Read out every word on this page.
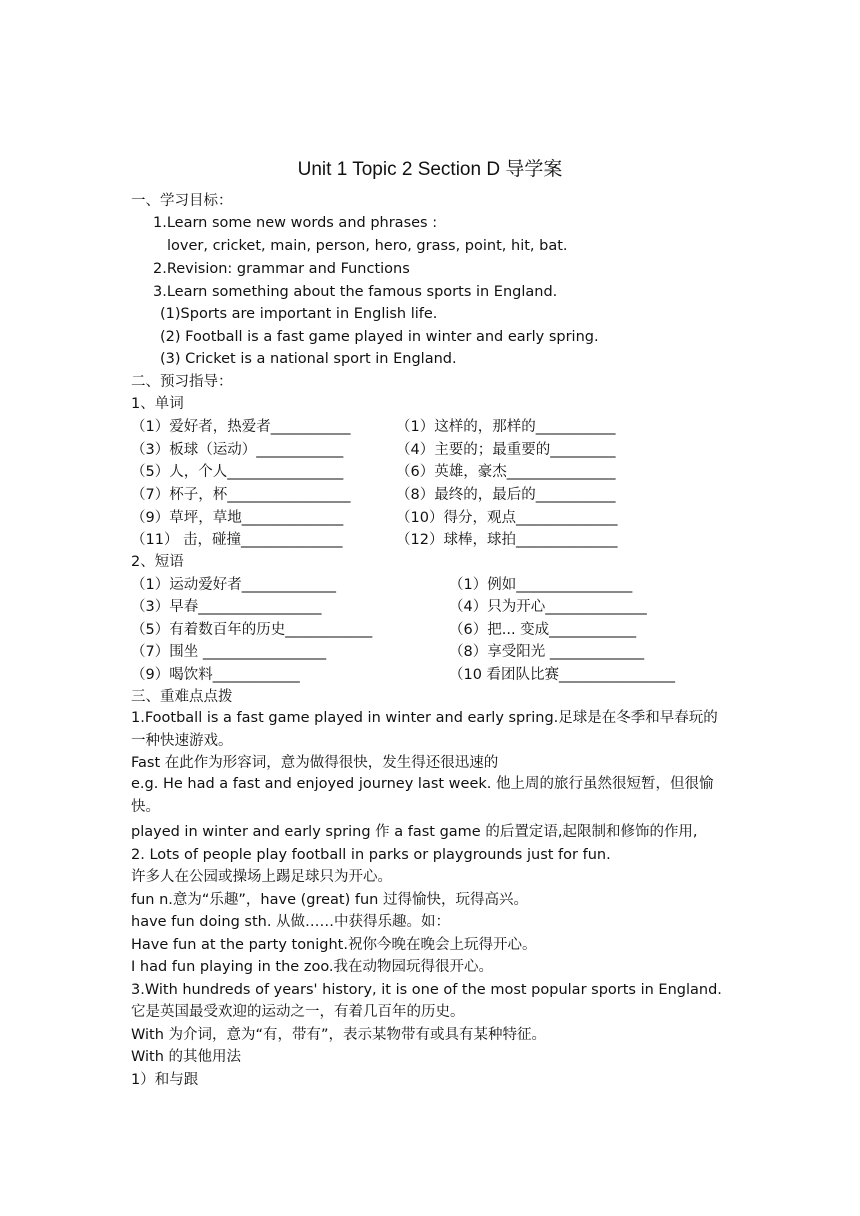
Unit 1 Topic 2 Section D 导学案
一、学习目标：
1.Learn some new words and phrases :
lover, cricket, main, person, hero, grass, point, hit, bat.
2.Revision: grammar and Functions
3.Learn something about the famous sports in England.
(1)Sports are important in English life.
(2) Football is a fast game played in winter and early spring.
(3) Cricket is a national sport in England.
二、预习指导：
1、单词
（1）爱好者，热爱者___________	（1）这样的，那样的___________
（3）板球（运动）____________	（4）主要的；最重要的_________
（5）人，个人________________	（6）英雄，豪杰_______________
（7）杯子，杯_________________	（8）最终的，最后的___________
（9）草坪，草地______________	（10）得分，观点______________
（11） 击，碰撞______________	（12）球棒，球拍______________
2、短语
（1）运动爱好者_____________	（1）例如________________
（3）早春_________________	（4）只为开心______________
（5）有着数百年的历史____________	（6）把... 变成____________
（7）围坐 _________________	（8）享受阳光 _____________
（9）喝饮料____________	（10 看团队比赛________________
三、重难点点拨
1.Football is a fast game played in winter and early spring.足球是在冬季和早春玩的一种快速游戏。
Fast 在此作为形容词，意为做得很快，发生得还很迅速的
e.g. He had a fast and enjoyed journey last week. 他上周的旅行虽然很短暂，但很愉快。
played in winter and early spring 作 a fast game 的后置定语,起限制和修饰的作用,
2. Lots of people play football in parks or playgrounds just for fun.
许多人在公园或操场上踢足球只为开心。
fun n.意为“乐趣”，have (great) fun 过得愉快，玩得高兴。
have fun doing sth. 从做……中获得乐趣。如：
Have fun at the party tonight.祝你今晚在晚会上玩得开心。
I had fun playing in the zoo.我在动物园玩得很开心。
3.With hundreds of years' history, it is one of the most popular sports in England.
它是英国最受欢迎的运动之一，有着几百年的历史。
With 为介词，意为“有，带有”，表示某物带有或具有某种特征。
With 的其他用法
1）和与跟
